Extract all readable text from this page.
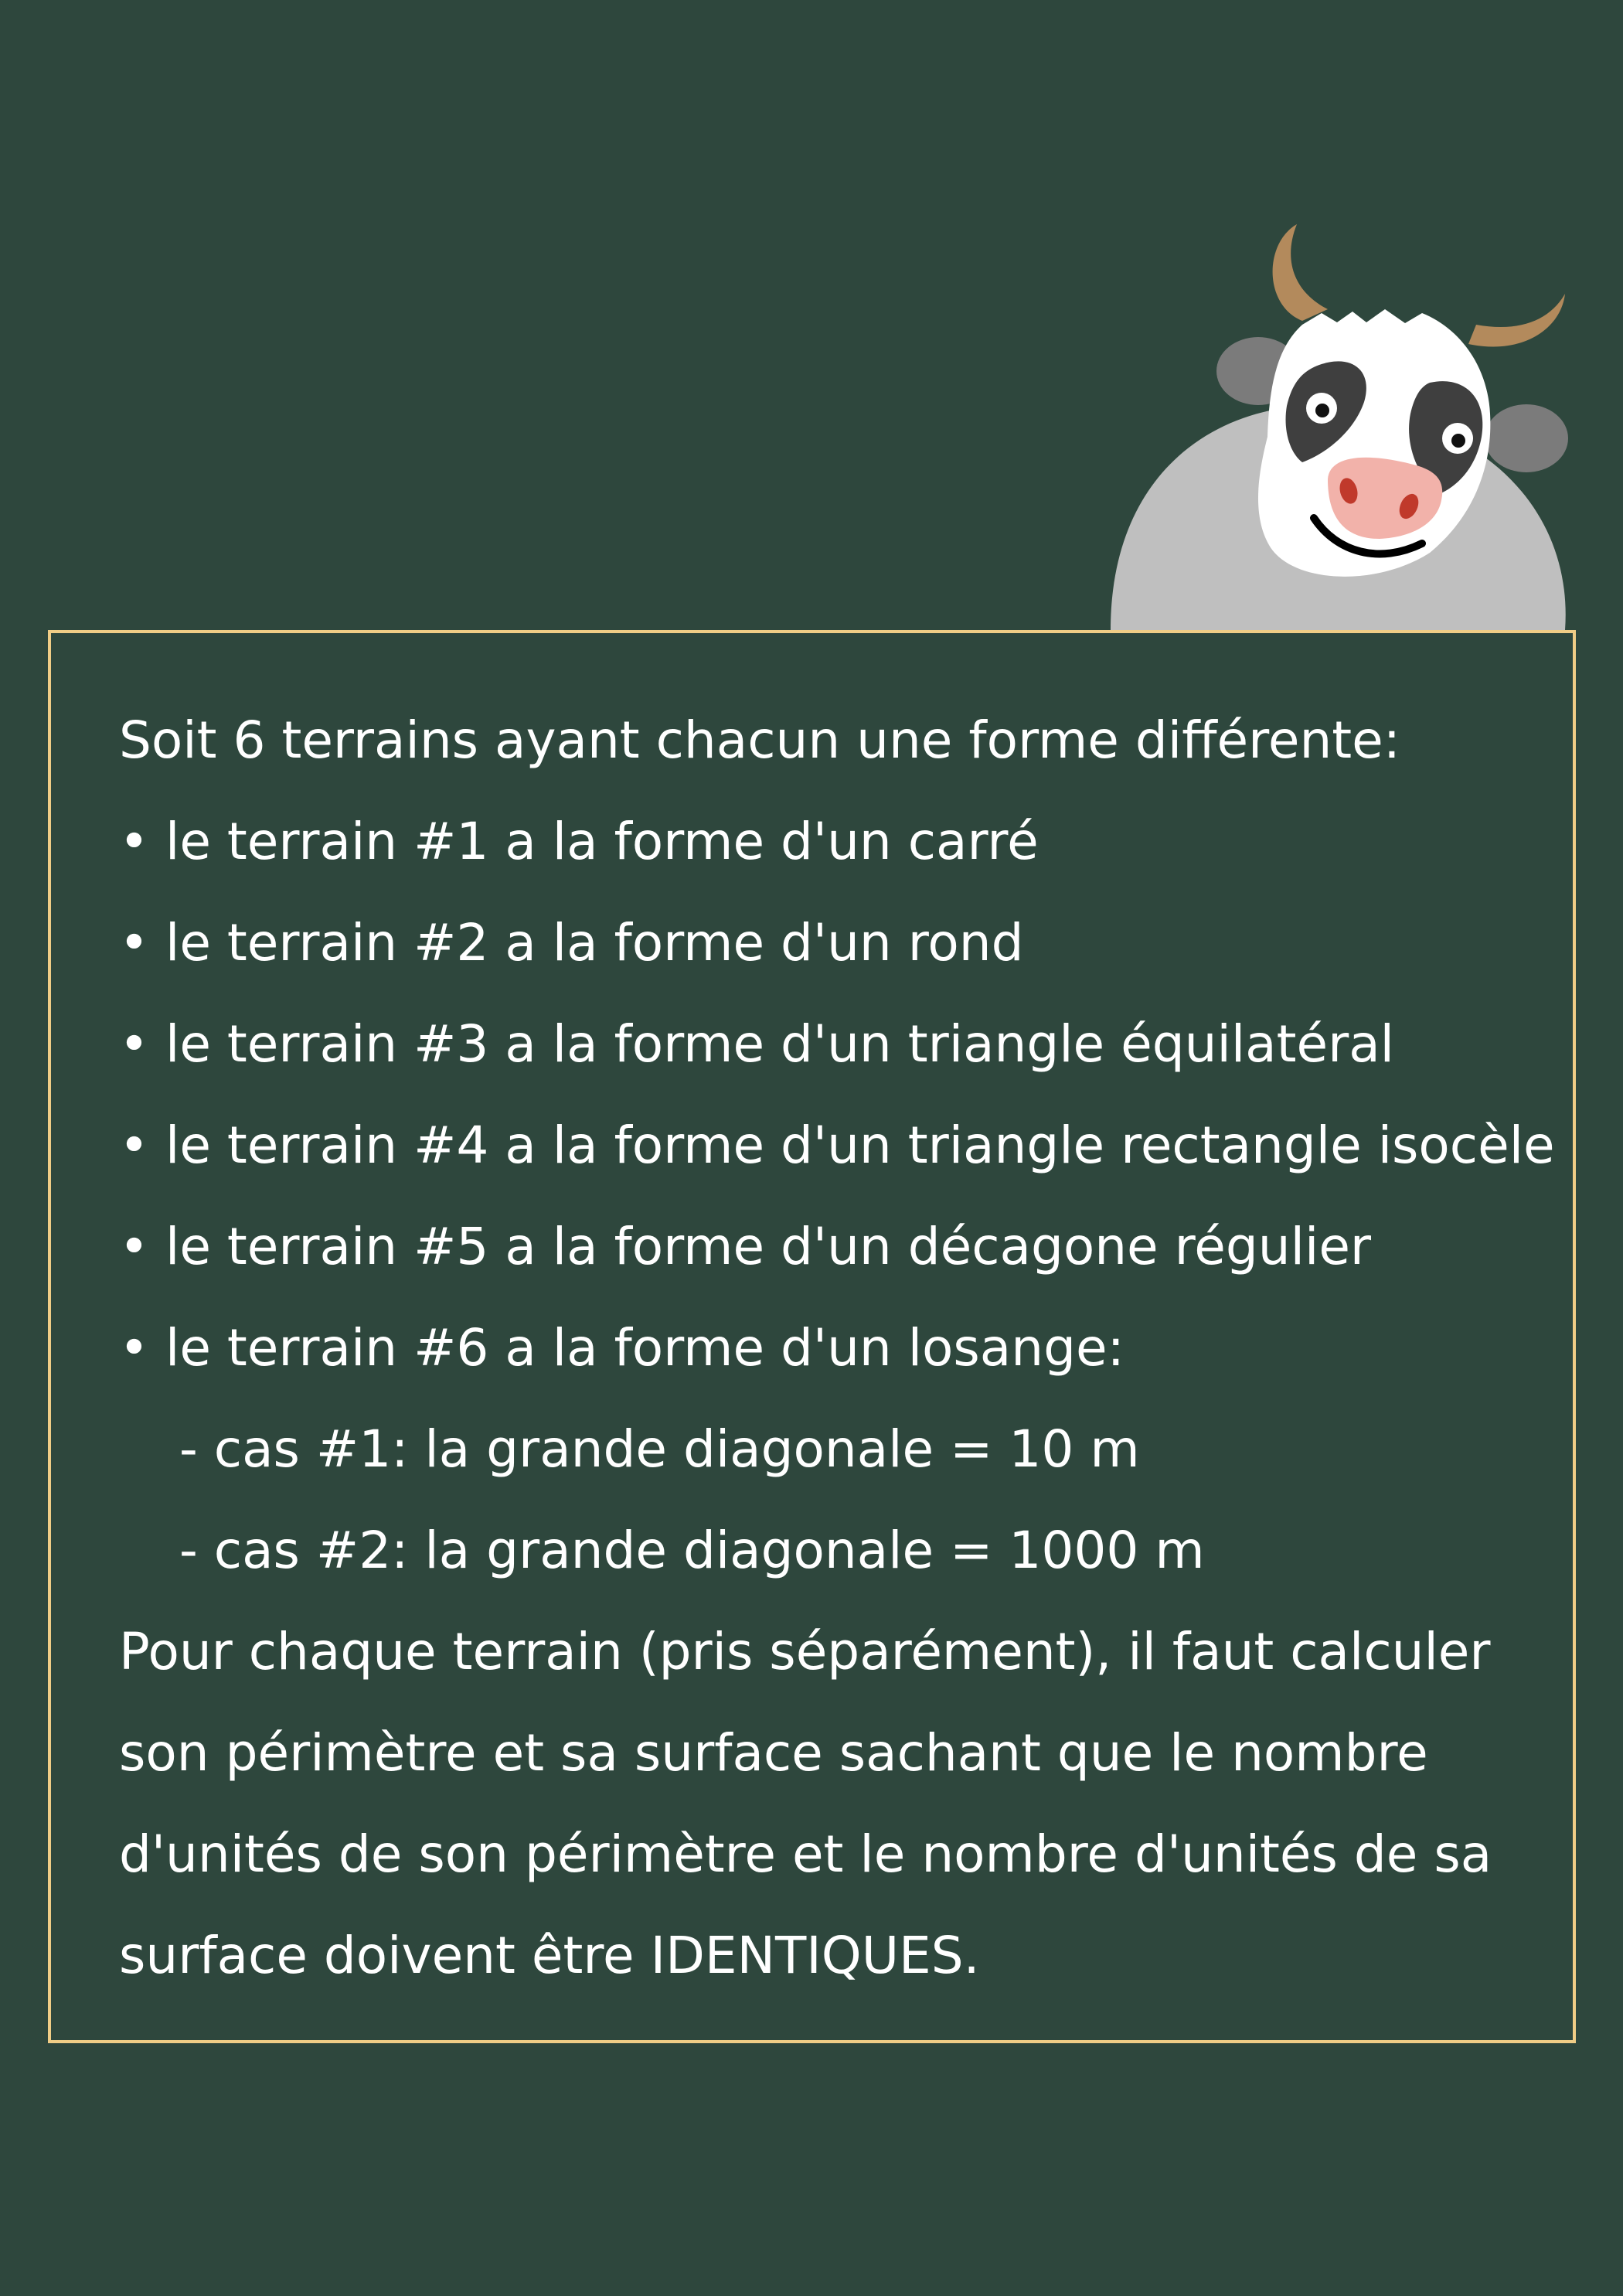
Soit 6 terrains ayant chacun une forme différente:
• le terrain #1 a la forme d'un carré
• le terrain #2 a la forme d'un rond
• le terrain #3 a la forme d'un triangle équilatéral
• le terrain #4 a la forme d'un triangle rectangle isocèle
• le terrain #5 a la forme d'un décagone régulier
• le terrain #6 a la forme d'un losange:
- cas #1: la grande diagonale = 10 m
- cas #2: la grande diagonale = 1000 m
Pour chaque terrain (pris séparément), il faut calculer
son périmètre et sa surface sachant que le nombre
d'unités de son périmètre et le nombre d'unités de sa
surface doivent être IDENTIQUES.
